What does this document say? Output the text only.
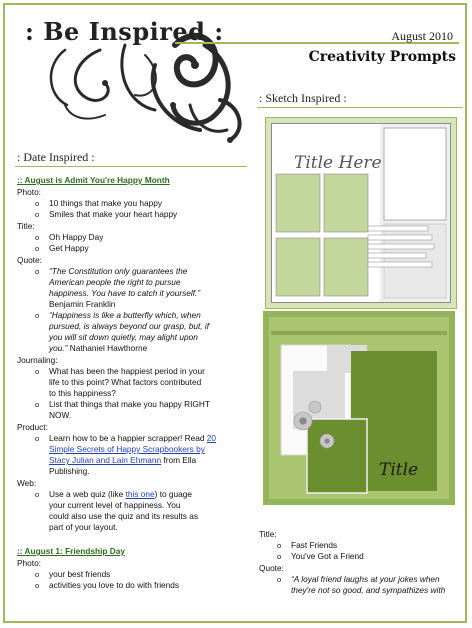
: Be Inspired :	August 2010
Creativity Prompts
: Date Inspired :
: Sketch Inspired :
:: August is Admit You're Happy Month
Photo:
o 10 things that make you happy
o Smiles that make your heart happy
Title:
o Oh Happy Day
o Get Happy
Quote:
o “The Constitution only guarantees the
American people the right to pursue
happiness. You have to catch it yourself.”
Benjamin Franklin
o “Happiness is like a butterfly which, when
pursued, is always beyond our grasp, but, if
you will sit down quietly, may alight upon
you.” Nathaniel Hawthorne
Journaling:
o What has been the happiest period in your
life to this point? What factors contributed
to this happiness?
o List that things that make you happy RIGHT
NOW.
Product:
o Learn how to be a happier scrapper! Read 20
Simple Secrets of Happy Scrapbookers by
Stacy Julian and Lain Ehmann from Ella
Publishing.
Web:
o Use a web quiz (like this one) to guage
your current level of happiness. You
could also use the quiz and its results as
part of your layout.
:: August 1: Friendship Day
Photo:
o your best friends
o activities you love to do with friends
Title Here
Title
Title:
o Fast Friends
o You've Got a Friend
Quote:
o “A loyal friend laughs at your jokes when
they're not so good, and sympathizes with
